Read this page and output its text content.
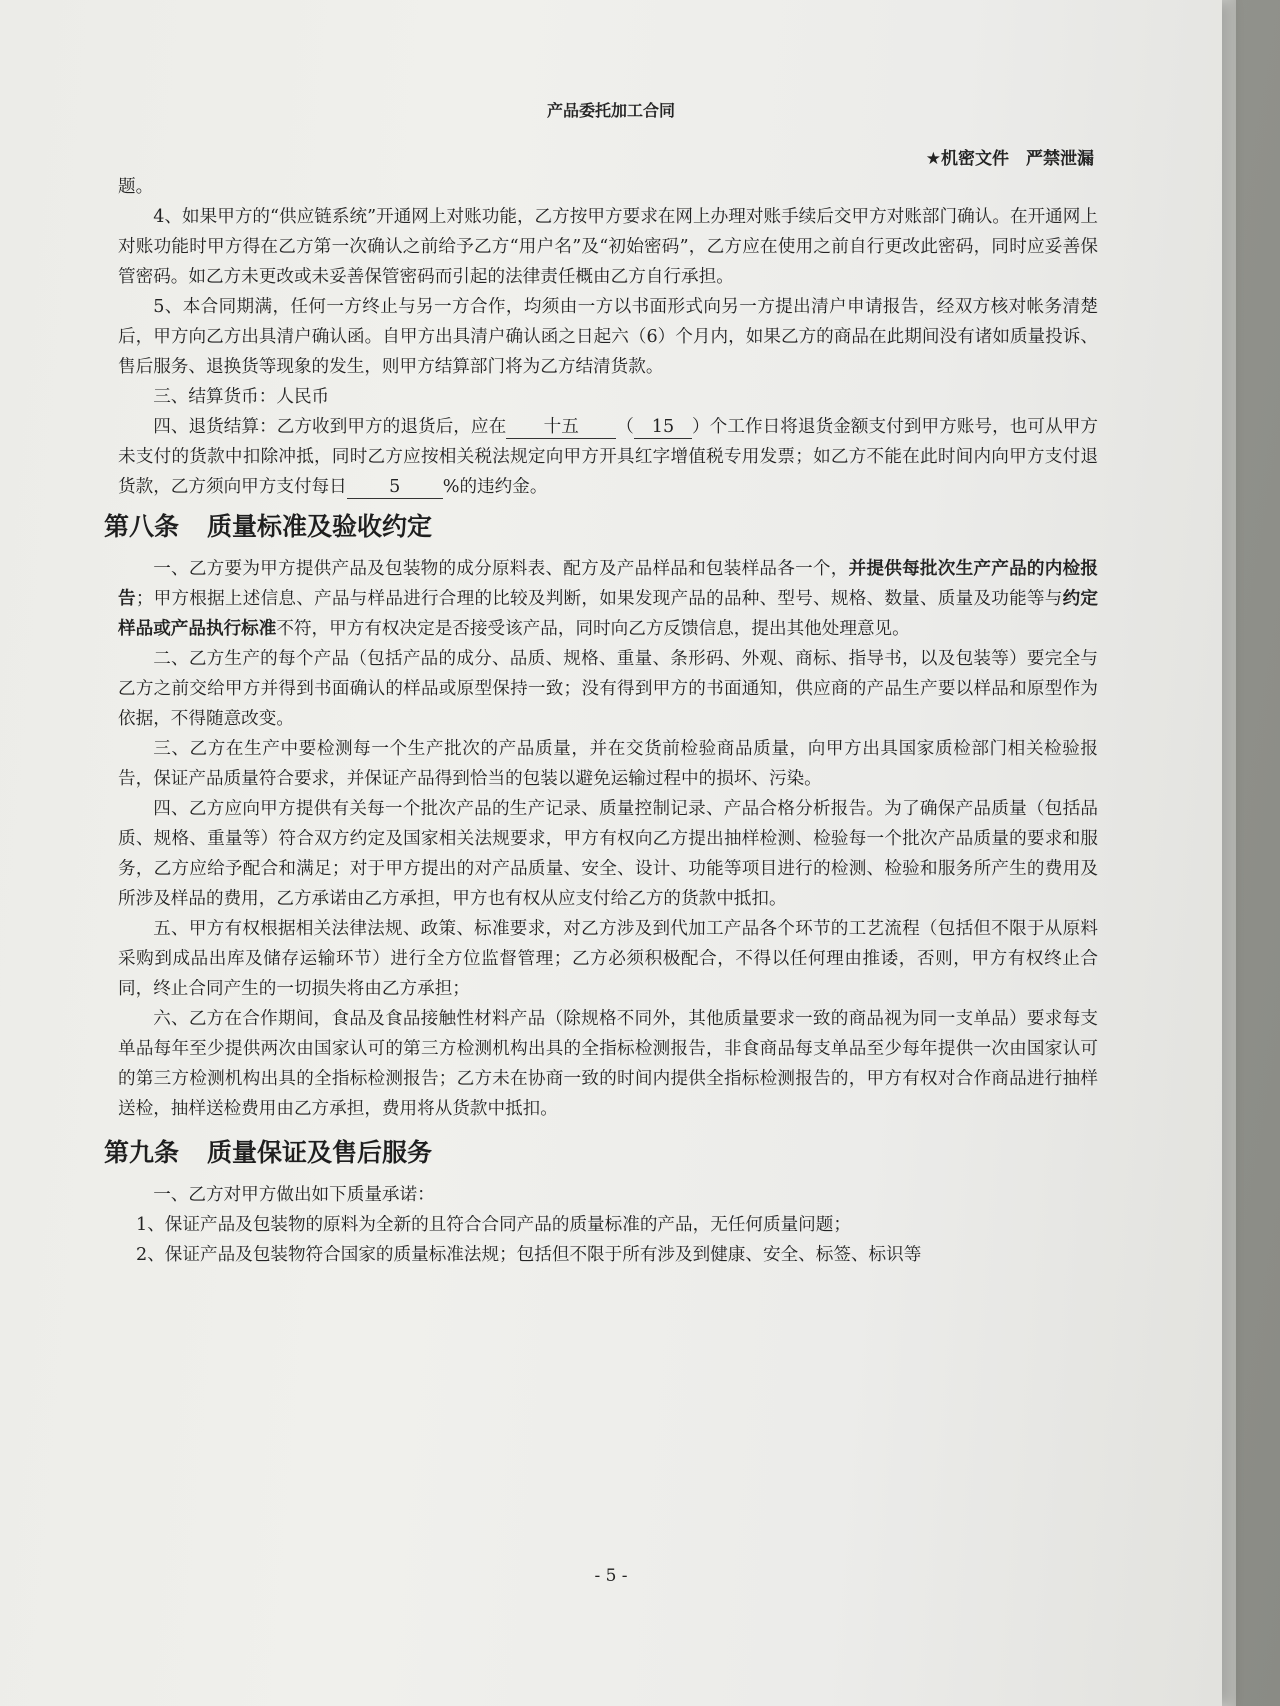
产品委托加工合同
★机密文件　严禁泄漏

题。

4、如果甲方的“供应链系统”开通网上对账功能，乙方按甲方要求在网上办理对账手续后交甲方对账部门确认。在开通网上对账功能时甲方得在乙方第一次确认之前给予乙方“用户名”及“初始密码”，乙方应在使用之前自行更改此密码，同时应妥善保管密码。如乙方未更改或未妥善保管密码而引起的法律责任概由乙方自行承担。

5、本合同期满，任何一方终止与另一方合作，均须由一方以书面形式向另一方提出清户申请报告，经双方核对帐务清楚后，甲方向乙方出具清户确认函。自甲方出具清户确认函之日起六（6）个月内，如果乙方的商品在此期间没有诸如质量投诉、售后服务、退换货等现象的发生，则甲方结算部门将为乙方结清货款。

三、结算货币：人民币

四、退货结算：乙方收到甲方的退货后，应在 十五 （ 15 ）个工作日将退货金额支付到甲方账号，也可从甲方未支付的货款中扣除冲抵，同时乙方应按相关税法规定向甲方开具红字增值税专用发票；如乙方不能在此时间内向甲方支付退货款，乙方须向甲方支付每日 5 %的违约金。

第八条 质量标准及验收约定

一、乙方要为甲方提供产品及包装物的成分原料表、配方及产品样品和包装样品各一个，并提供每批次生产产品的内检报告；甲方根据上述信息、产品与样品进行合理的比较及判断，如果发现产品的品种、型号、规格、数量、质量及功能等与约定样品或产品执行标准不符，甲方有权决定是否接受该产品，同时向乙方反馈信息，提出其他处理意见。

二、乙方生产的每个产品（包括产品的成分、品质、规格、重量、条形码、外观、商标、指导书，以及包装等）要完全与乙方之前交给甲方并得到书面确认的样品或原型保持一致；没有得到甲方的书面通知，供应商的产品生产要以样品和原型作为依据，不得随意改变。

三、乙方在生产中要检测每一个生产批次的产品质量，并在交货前检验商品质量，向甲方出具国家质检部门相关检验报告，保证产品质量符合要求，并保证产品得到恰当的包装以避免运输过程中的损坏、污染。

四、乙方应向甲方提供有关每一个批次产品的生产记录、质量控制记录、产品合格分析报告。为了确保产品质量（包括品质、规格、重量等）符合双方约定及国家相关法规要求，甲方有权向乙方提出抽样检测、检验每一个批次产品质量的要求和服务，乙方应给予配合和满足；对于甲方提出的对产品质量、安全、设计、功能等项目进行的检测、检验和服务所产生的费用及所涉及样品的费用，乙方承诺由乙方承担，甲方也有权从应支付给乙方的货款中抵扣。

五、甲方有权根据相关法律法规、政策、标准要求，对乙方涉及到代加工产品各个环节的工艺流程（包括但不限于从原料采购到成品出库及储存运输环节）进行全方位监督管理；乙方必须积极配合，不得以任何理由推诿，否则，甲方有权终止合同，终止合同产生的一切损失将由乙方承担；

六、乙方在合作期间，食品及食品接触性材料产品（除规格不同外，其他质量要求一致的商品视为同一支单品）要求每支单品每年至少提供两次由国家认可的第三方检测机构出具的全指标检测报告，非食商品每支单品至少每年提供一次由国家认可的第三方检测机构出具的全指标检测报告；乙方未在协商一致的时间内提供全指标检测报告的，甲方有权对合作商品进行抽样送检，抽样送检费用由乙方承担，费用将从货款中抵扣。

第九条 质量保证及售后服务

一、乙方对甲方做出如下质量承诺：

1、保证产品及包装物的原料为全新的且符合合同产品的质量标准的产品，无任何质量问题；

2、保证产品及包装物符合国家的质量标准法规；包括但不限于所有涉及到健康、安全、标签、标识等

- 5 -
